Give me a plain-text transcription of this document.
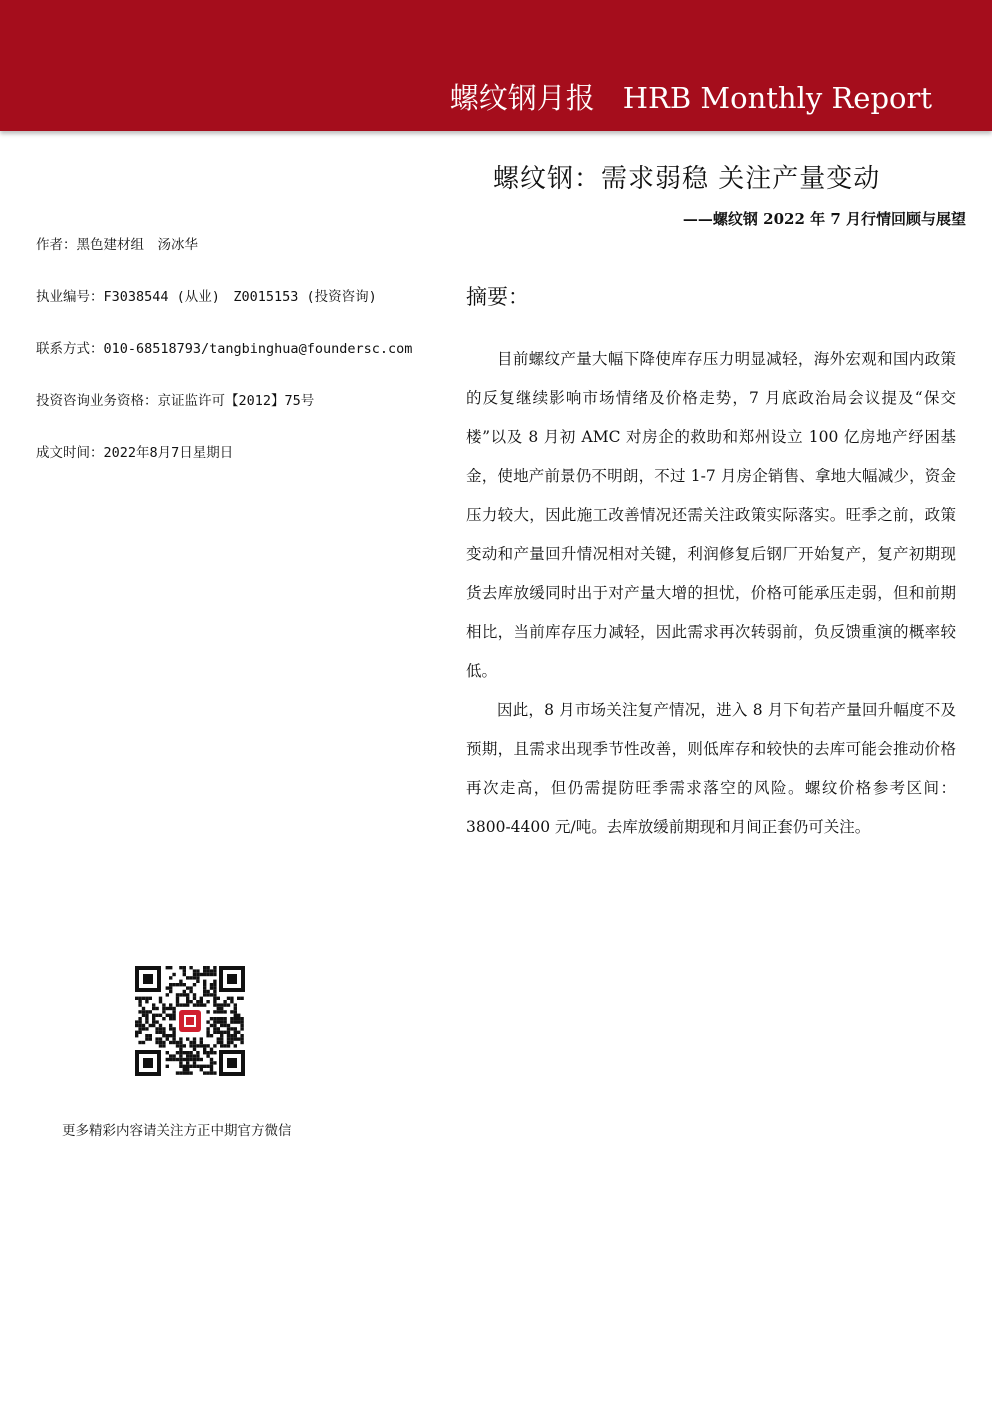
螺纹钢月报 HRB Monthly Report
螺纹钢：需求弱稳 关注产量变动
——螺纹钢 2022 年 7 月行情回顾与展望
作者：黑色建材组　汤冰华
执业编号：F3038544 (从业)　Z0015153 (投资咨询)
联系方式：010-68518793/tangbinghua@foundersc.com
投资咨询业务资格：京证监许可【2012】75号
成文时间：2022年8月7日星期日
摘要：

目前螺纹产量大幅下降使库存压力明显减轻，海外宏观和国内政策的反复继续影响市场情绪及价格走势，7 月底政治局会议提及“保交楼”以及 8 月初 AMC 对房企的救助和郑州设立 100 亿房地产纾困基金，使地产前景仍不明朗，不过 1-7 月房企销售、拿地大幅减少，资金压力较大，因此施工改善情况还需关注政策实际落实。旺季之前，政策变动和产量回升情况相对关键，利润修复后钢厂开始复产，复产初期现货去库放缓同时出于对产量大增的担忧，价格可能承压走弱，但和前期相比，当前库存压力减轻，因此需求再次转弱前，负反馈重演的概率较低。

因此，8 月市场关注复产情况，进入 8 月下旬若产量回升幅度不及预期，且需求出现季节性改善，则低库存和较快的去库可能会推动价格再次走高，但仍需提防旺季需求落空的风险。螺纹价格参考区间：3800-4400 元/吨。去库放缓前期现和月间正套仍可关注。

更多精彩内容请关注方正中期官方微信
